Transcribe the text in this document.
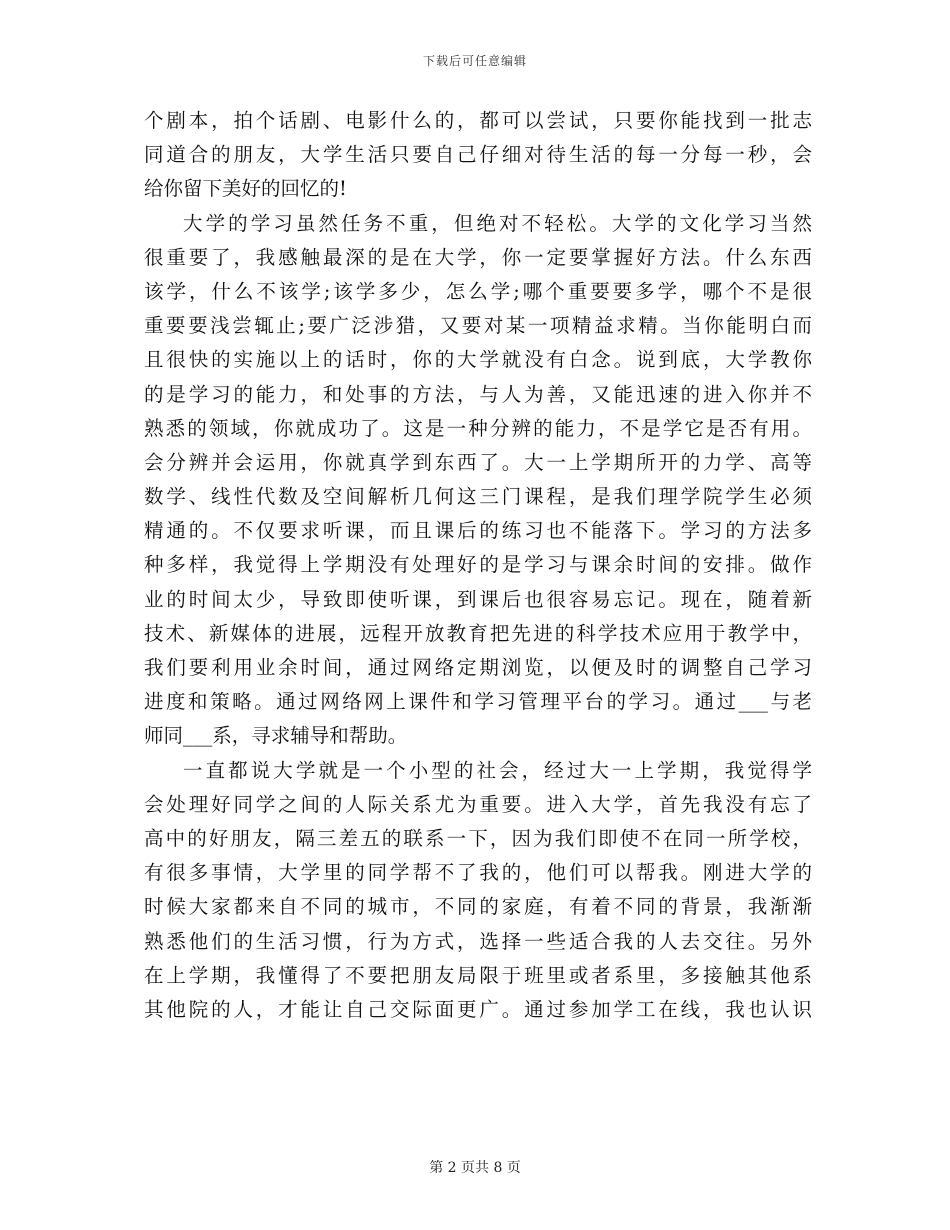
下载后可任意编辑
个剧本，拍个话剧、电影什么的，都可以尝试，只要你能找到一批志
同道合的朋友，大学生活只要自己仔细对待生活的每一分每一秒，会
给你留下美好的回忆的!
大学的学习虽然任务不重，但绝对不轻松。大学的文化学习当然
很重要了，我感触最深的是在大学，你一定要掌握好方法。什么东西
该学，什么不该学;该学多少，怎么学;哪个重要要多学，哪个不是很
重要要浅尝辄止;要广泛涉猎，又要对某一项精益求精。当你能明白而
且很快的实施以上的话时，你的大学就没有白念。说到底，大学教你
的是学习的能力，和处事的方法，与人为善，又能迅速的进入你并不
熟悉的领域，你就成功了。这是一种分辨的能力，不是学它是否有用。
会分辨并会运用，你就真学到东西了。大一上学期所开的力学、高等
数学、线性代数及空间解析几何这三门课程，是我们理学院学生必须
精通的。不仅要求听课，而且课后的练习也不能落下。学习的方法多
种多样，我觉得上学期没有处理好的是学习与课余时间的安排。做作
业的时间太少，导致即使听课，到课后也很容易忘记。现在，随着新
技术、新媒体的进展，远程开放教育把先进的科学技术应用于教学中，
我们要利用业余时间，通过网络定期浏览，以便及时的调整自己学习
进度和策略。通过网络网上课件和学习管理平台的学习。通过___与老
师同___系，寻求辅导和帮助。
一直都说大学就是一个小型的社会，经过大一上学期，我觉得学
会处理好同学之间的人际关系尤为重要。进入大学，首先我没有忘了
高中的好朋友，隔三差五的联系一下，因为我们即使不在同一所学校，
有很多事情，大学里的同学帮不了我的，他们可以帮我。刚进大学的
时候大家都来自不同的城市，不同的家庭，有着不同的背景，我渐渐
熟悉他们的生活习惯，行为方式，选择一些适合我的人去交往。另外
在上学期，我懂得了不要把朋友局限于班里或者系里，多接触其他系
其他院的人，才能让自己交际面更广。通过参加学工在线，我也认识
第 2 页共 8 页
